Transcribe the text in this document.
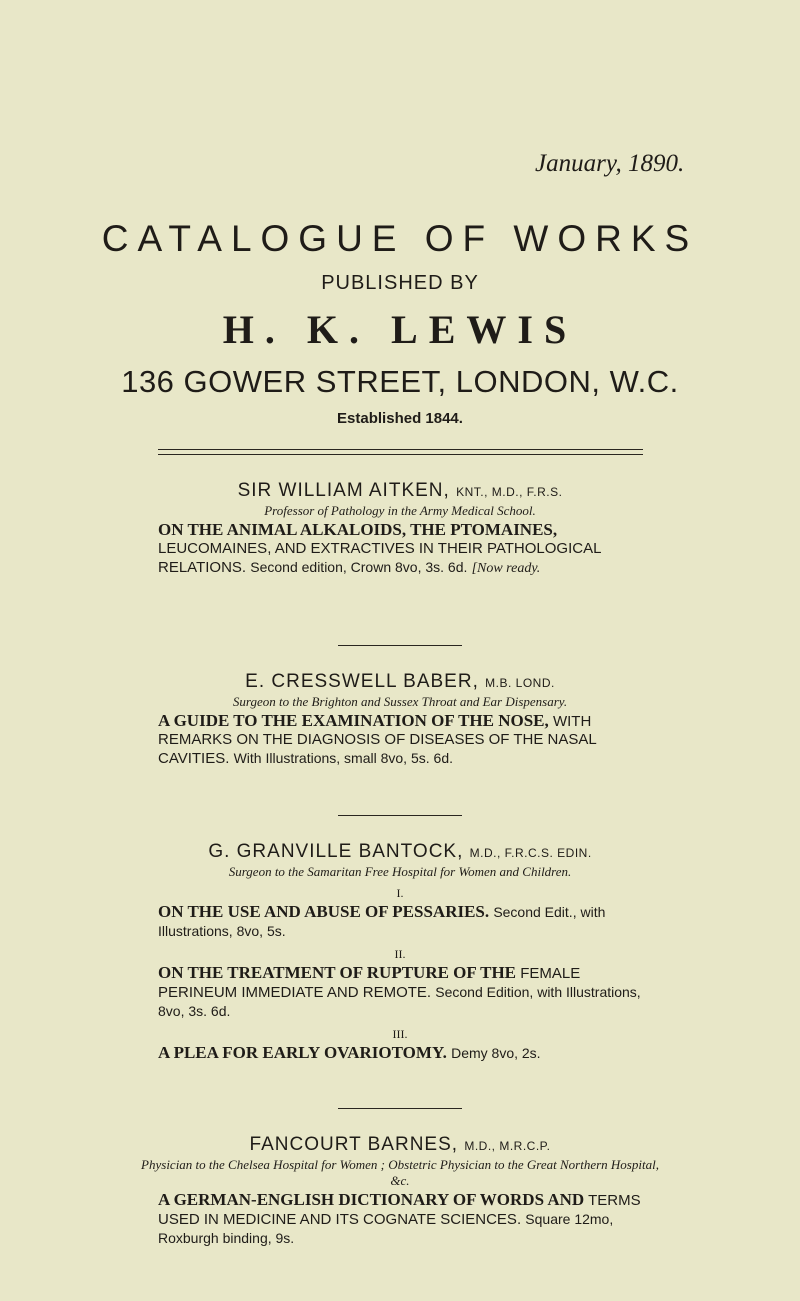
January, 1890.
CATALOGUE OF WORKS
PUBLISHED BY
H. K. LEWIS
136 GOWER STREET, LONDON, W.C.
Established 1844.
SIR WILLIAM AITKEN, KNT., M.D., F.R.S.
Professor of Pathology in the Army Medical School.
ON THE ANIMAL ALKALOIDS, THE PTOMAINES, LEUCOMAINES, AND EXTRACTIVES IN THEIR PATHOLOGICAL RELATIONS. Second edition, Crown 8vo, 3s. 6d. [Now ready.
E. CRESSWELL BABER, M.B. LOND.
Surgeon to the Brighton and Sussex Throat and Ear Dispensary.
A GUIDE TO THE EXAMINATION OF THE NOSE, WITH REMARKS ON THE DIAGNOSIS OF DISEASES OF THE NASAL CAVITIES. With Illustrations, small 8vo, 5s. 6d.
G. GRANVILLE BANTOCK, M.D., F.R.C.S. EDIN.
Surgeon to the Samaritan Free Hospital for Women and Children.
I.
ON THE USE AND ABUSE OF PESSARIES. Second Edit., with Illustrations, 8vo, 5s.
II.
ON THE TREATMENT OF RUPTURE OF THE FEMALE PERINEUM IMMEDIATE AND REMOTE. Second Edition, with Illustrations, 8vo, 3s. 6d.
III.
A PLEA FOR EARLY OVARIOTOMY. Demy 8vo, 2s.
FANCOURT BARNES, M.D., M.R.C.P.
Physician to the Chelsea Hospital for Women ; Obstetric Physician to the Great Northern Hospital, &c.
A GERMAN-ENGLISH DICTIONARY OF WORDS AND TERMS USED IN MEDICINE AND ITS COGNATE SCIENCES. Square 12mo, Roxburgh binding, 9s.
